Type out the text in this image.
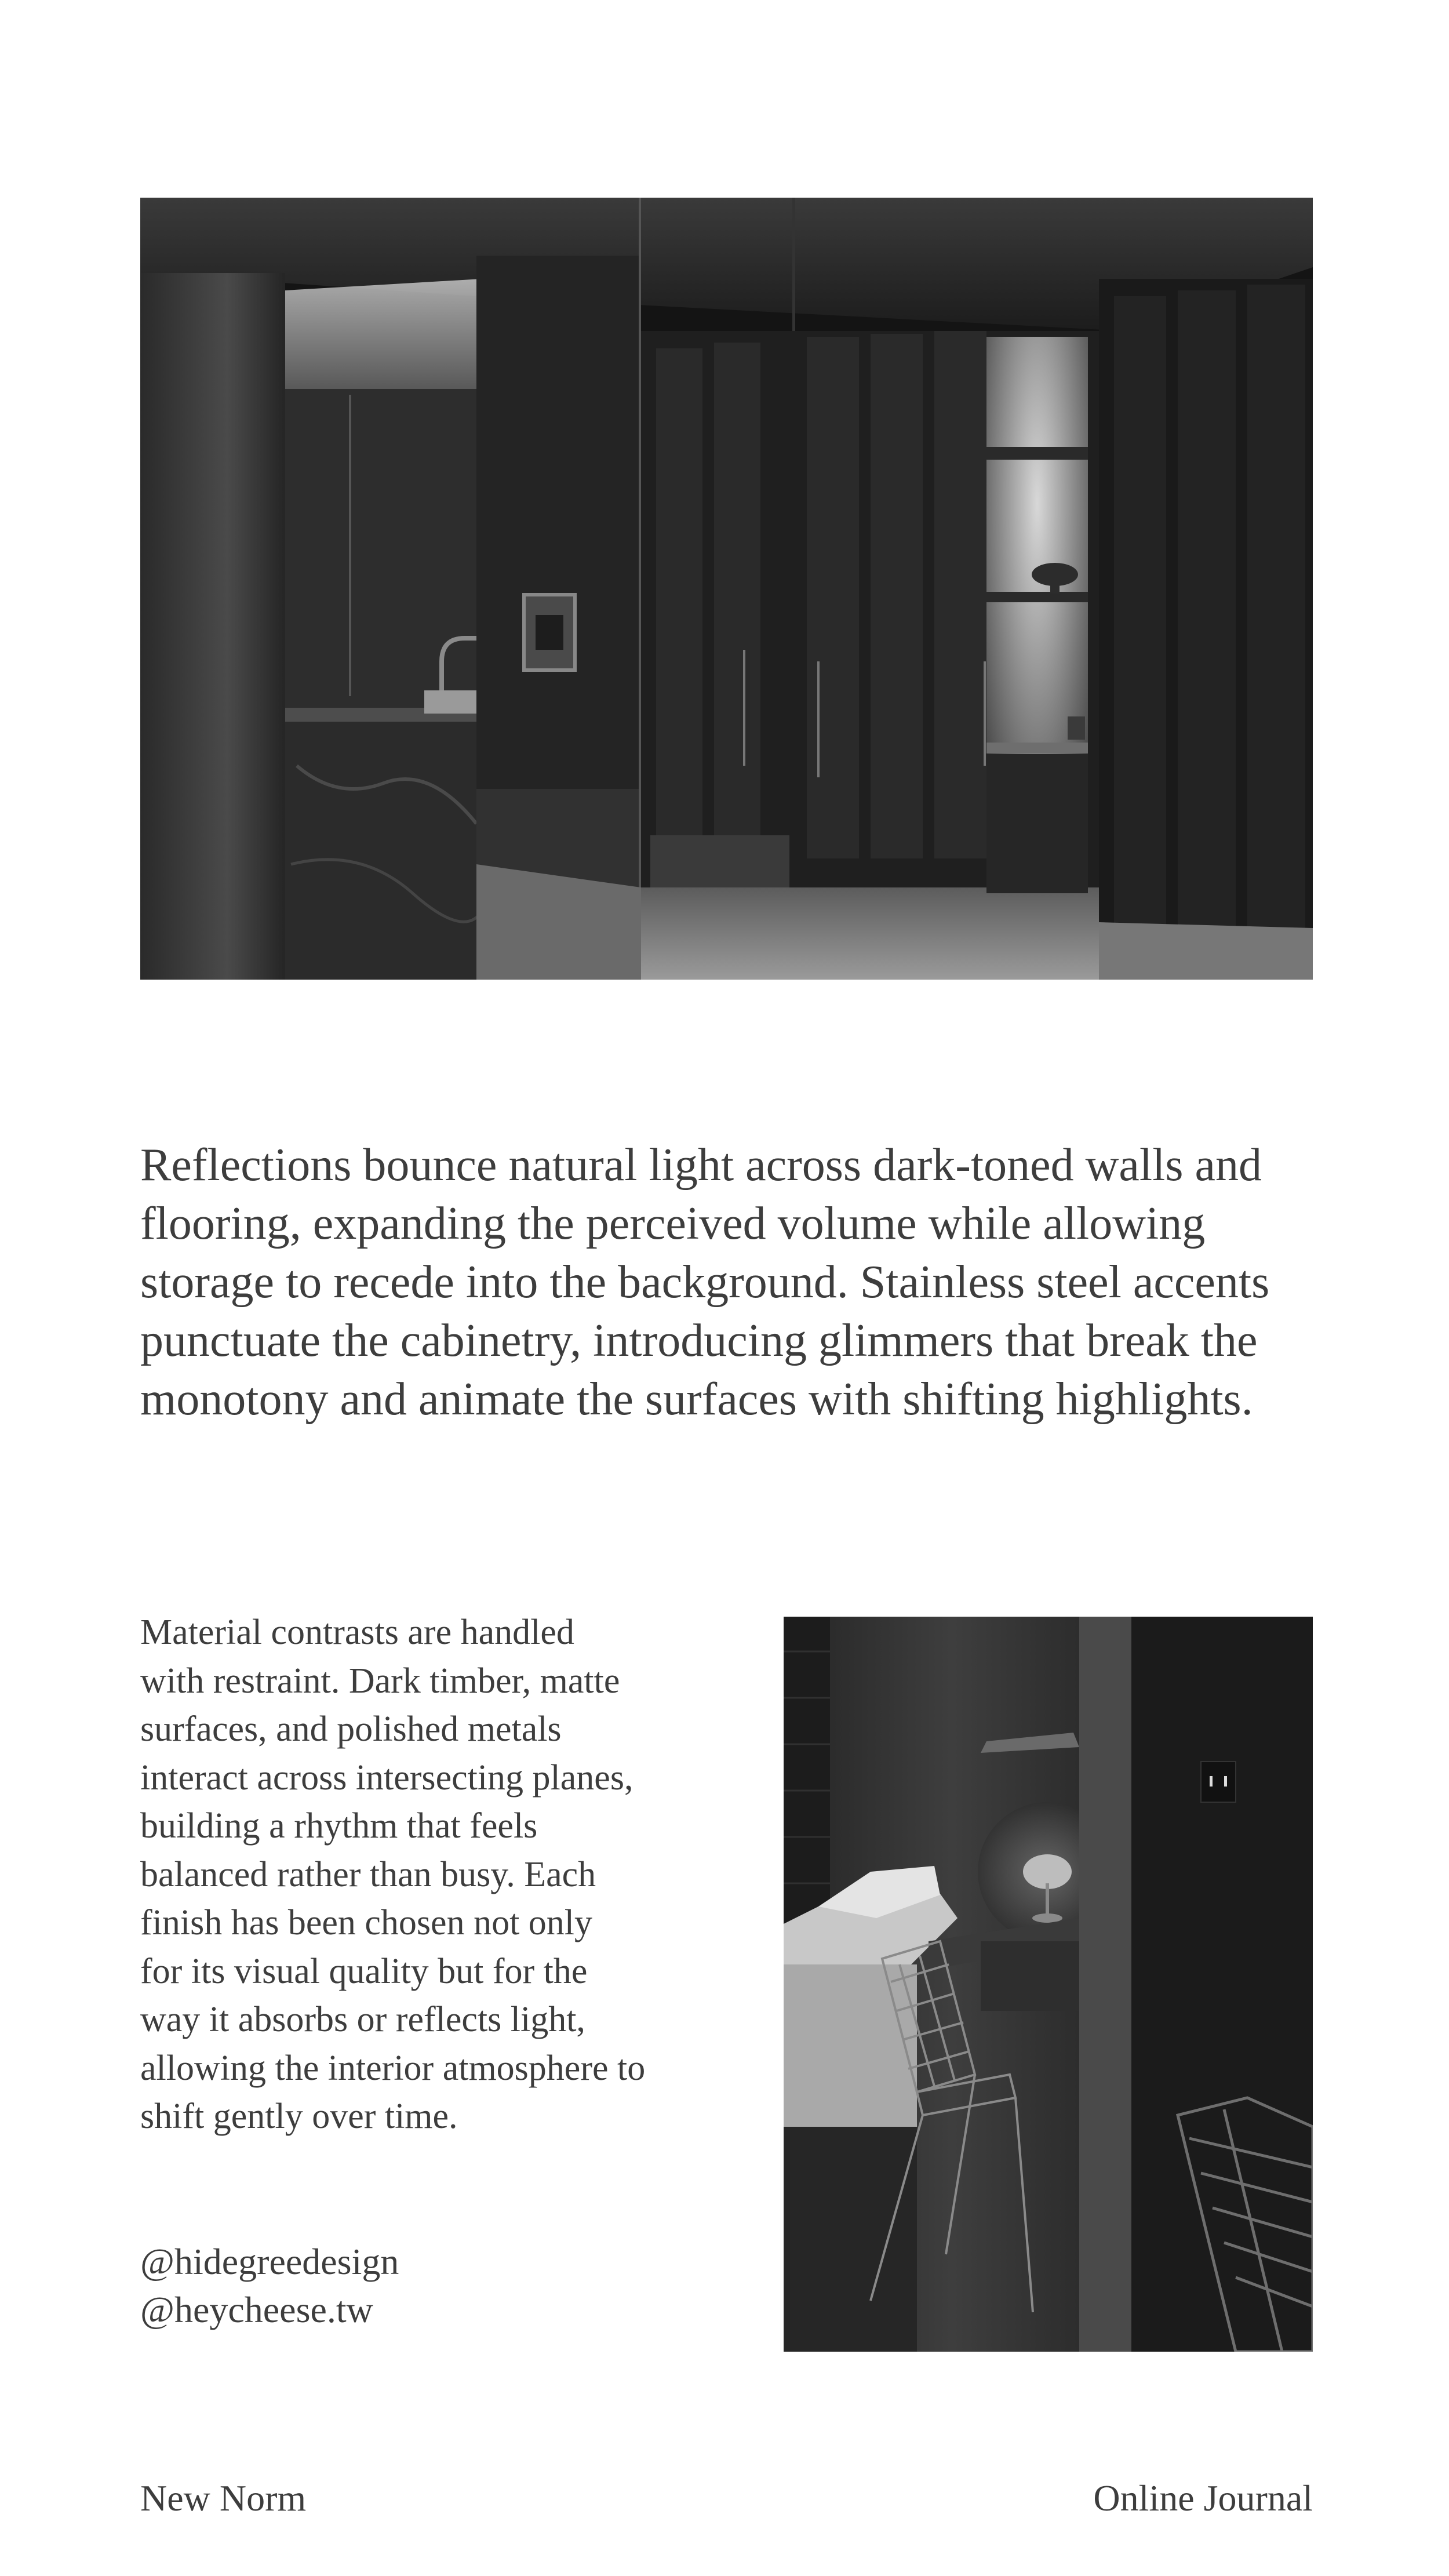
Reflections bounce natural light across dark-toned walls and
flooring, expanding the perceived volume while allowing
storage to recede into the background. Stainless steel accents
punctuate the cabinetry, introducing glimmers that break the
monotony and animate the surfaces with shifting highlights.
Material contrasts are handled
with restraint. Dark timber, matte
surfaces, and polished metals
interact across intersecting planes,
building a rhythm that feels
balanced rather than busy. Each
finish has been chosen not only
for its visual quality but for the
way it absorbs or reflects light,
allowing the interior atmosphere to
shift gently over time.
@hidegreedesign
@heycheese.tw
New Norm	Online Journal
